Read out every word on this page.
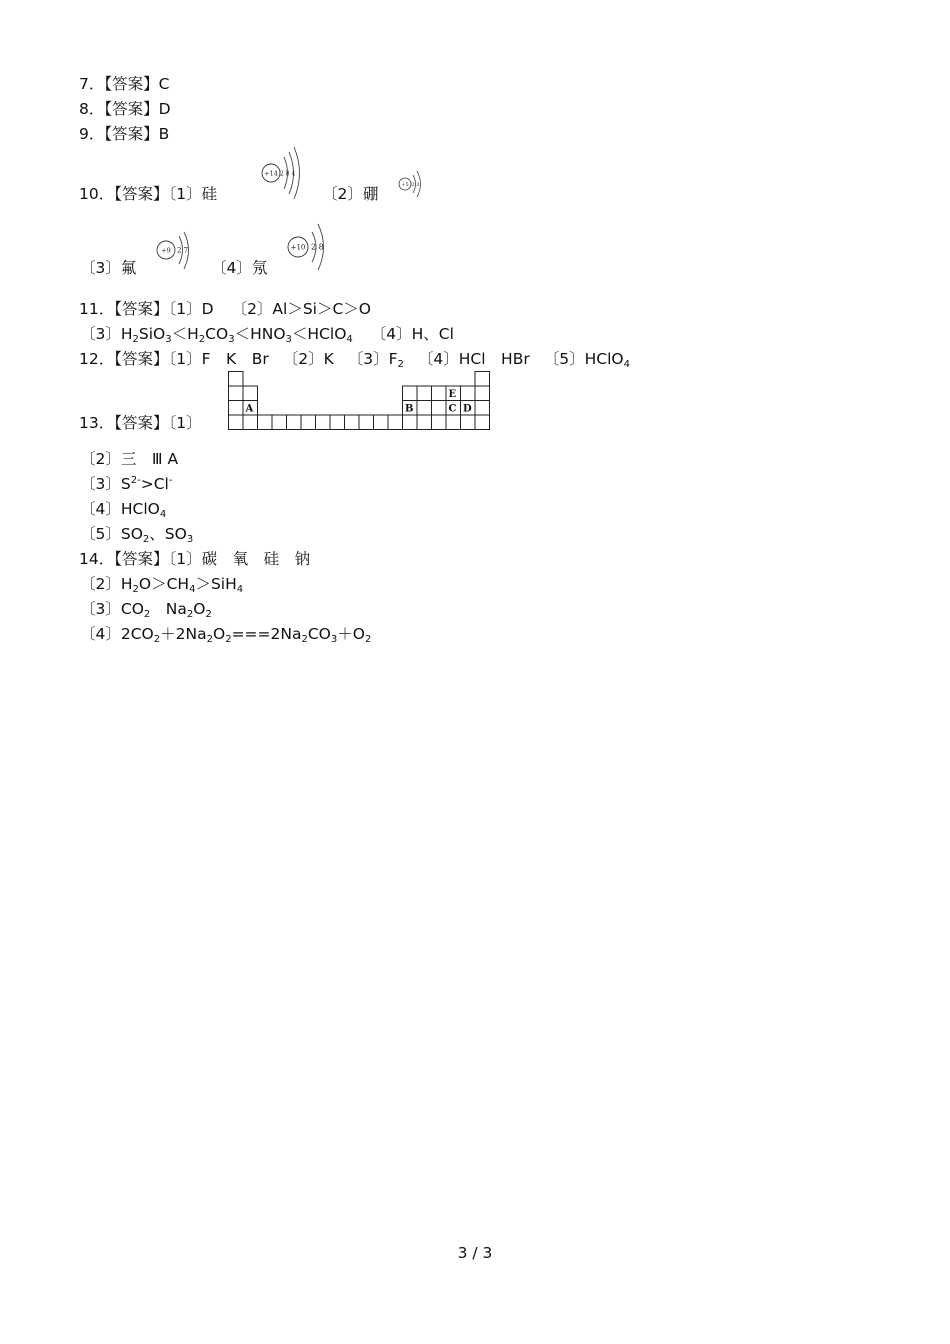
7．【答案】C
8．【答案】D
9．【答案】B
10．【答案】〔1〕硅	〔2〕硼
+14 2 8 4
+5 2 3
〔3〕氟	〔4〕氖
+9 2 7	+10 2 8
11．【答案】〔1〕D 〔2〕Al＞Si＞C＞O
〔3〕$H_2SiO_3<H_2CO_3<HNO_3<HClO_4$ 〔4〕H、Cl
12．【答案】〔1〕F　K　Br 〔2〕K 〔3〕$F_2$ 〔4〕HCl　HBr 〔5〕HClO$_4$
13．【答案】〔1〕
A	B
E
C D
〔2〕三　Ⅲ A
〔3〕$S^{2-}>Cl^-$
〔4〕HClO$_4$
〔5〕$SO_2$、$SO_3$
14．【答案】〔1〕碳　氧　硅　钠
〔2〕$H_2O>CH_4>SiH_4$
〔3〕$CO_2$　$Na_2O_2$
〔4〕$2CO_2+2Na_2O_2===2Na_2CO_3+O_2$
3 / 3
